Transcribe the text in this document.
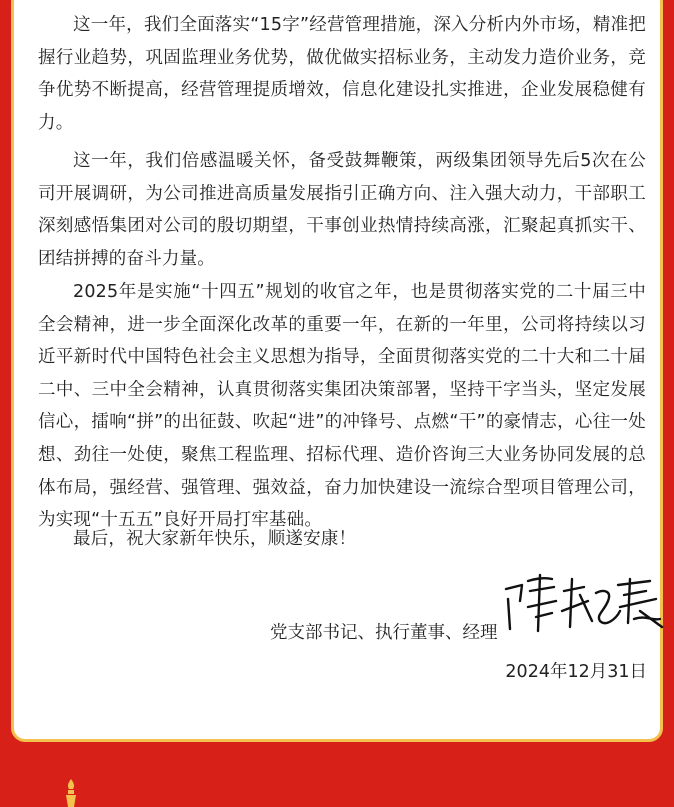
这一年，我们全面落实“15字”经营管理措施，深入分析内外市场，精准把握行业趋势，巩固监理业务优势，做优做实招标业务，主动发力造价业务，竞争优势不断提高，经营管理提质增效，信息化建设扎实推进，企业发展稳健有力。

这一年，我们倍感温暖关怀，备受鼓舞鞭策，两级集团领导先后5次在公司开展调研，为公司推进高质量发展指引正确方向、注入强大动力，干部职工深刻感悟集团对公司的殷切期望，干事创业热情持续高涨，汇聚起真抓实干、团结拼搏的奋斗力量。

2025年是实施“十四五”规划的收官之年，也是贯彻落实党的二十届三中全会精神，进一步全面深化改革的重要一年，在新的一年里，公司将持续以习近平新时代中国特色社会主义思想为指导，全面贯彻落实党的二十大和二十届二中、三中全会精神，认真贯彻落实集团决策部署，坚持干字当头，坚定发展信心，擂响“拼”的出征鼓、吹起“进”的冲锋号、点燃“干”的豪情志，心往一处想、劲往一处使，聚焦工程监理、招标代理、造价咨询三大业务协同发展的总体布局，强经营、强管理、强效益，奋力加快建设一流综合型项目管理公司，为实现“十五五”良好开局打牢基础。

最后，祝大家新年快乐，顺遂安康！

党支部书记、执行董事、经理
2024年12月31日
